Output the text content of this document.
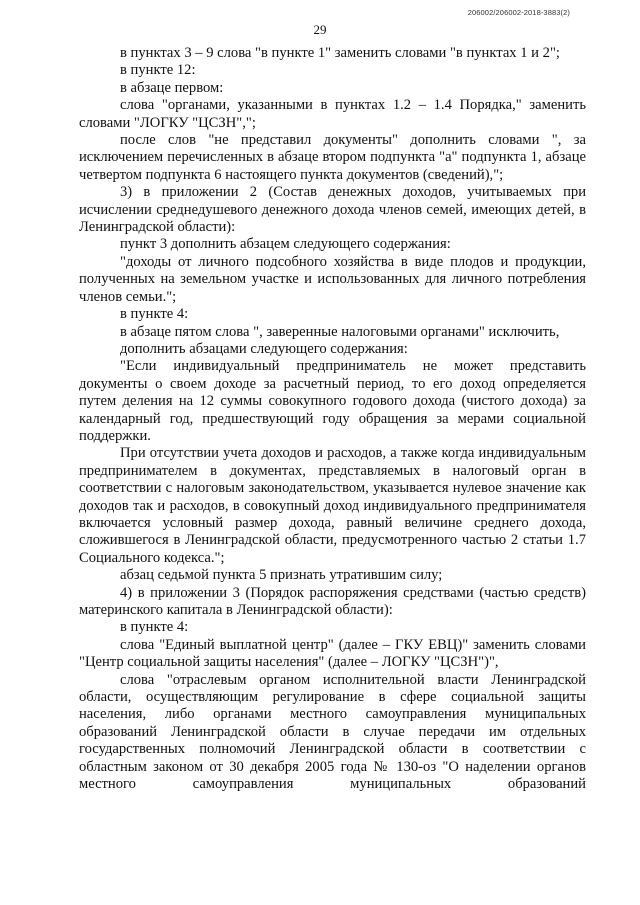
206002/206002-2018-3883(2)
29

в пунктах 3 – 9 слова "в пункте 1" заменить словами "в пунктах 1 и 2";

в пункте 12:

в абзаце первом:

слова "органами, указанными в пунктах 1.2 – 1.4 Порядка," заменить словами "ЛОГКУ "ЦСЗН",";

после слов "не представил документы" дополнить словами ", за исключением перечисленных в абзаце втором подпункта "а" подпункта 1, абзаце четвертом подпункта 6 настоящего пункта документов (сведений),";

3) в приложении 2 (Состав денежных доходов, учитываемых при исчислении среднедушевого денежного дохода членов семей, имеющих детей, в Ленинградской области):

пункт 3 дополнить абзацем следующего содержания:

"доходы от личного подсобного хозяйства в виде плодов и продукции, полученных на земельном участке и использованных для личного потребления членов семьи.";

в пункте 4:

в абзаце пятом слова ", заверенные налоговыми органами" исключить,

дополнить абзацами следующего содержания:

"Если индивидуальный предприниматель не может представить документы о своем доходе за расчетный период, то его доход определяется путем деления на 12 суммы совокупного годового дохода (чистого дохода) за календарный год, предшествующий году обращения за мерами социальной поддержки.

При отсутствии учета доходов и расходов, а также когда индивидуальным предпринимателем в документах, представляемых в налоговый орган в соответствии с налоговым законодательством, указывается нулевое значение как доходов так и расходов, в совокупный доход индивидуального предпринимателя включается условный размер дохода, равный величине среднего дохода, сложившегося в Ленинградской области, предусмотренного частью 2 статьи 1.7 Социального кодекса.";

абзац седьмой пункта 5 признать утратившим силу;

4) в приложении 3 (Порядок распоряжения средствами (частью средств) материнского капитала в Ленинградской области):

в пункте 4:

слова "Единый выплатной центр" (далее – ГКУ ЕВЦ)" заменить словами "Центр социальной защиты населения" (далее – ЛОГКУ "ЦСЗН")",

слова "отраслевым органом исполнительной власти Ленинградской области, осуществляющим регулирование в сфере социальной защиты населения, либо органами местного самоуправления муниципальных образований Ленинградской области в случае передачи им отдельных государственных полномочий Ленинградской области в соответствии с областным законом от 30 декабря 2005 года № 130-оз "О наделении органов местного самоуправления муниципальных образований
